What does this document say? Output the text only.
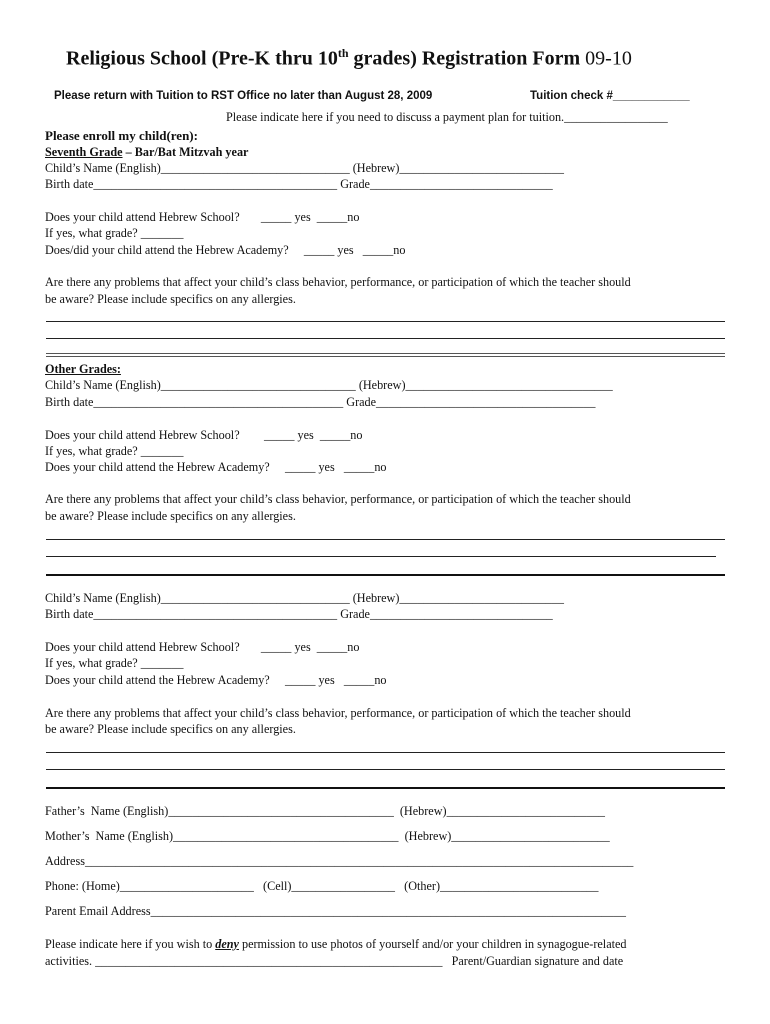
Religious School (Pre-K thru 10th grades) Registration Form 09-10
Please return with Tuition to RST Office no later than August 28, 2009	Tuition check #____________
Please indicate here if you need to discuss a payment plan for tuition._________________
Please enroll my child(ren):
Seventh Grade – Bar/Bat Mitzvah year
Child’s Name (English)_______________________________ (Hebrew)___________________________
Birth date________________________________________ Grade______________________________
Does your child attend Hebrew School?       _____ yes  _____no
If yes, what grade? _______
Does/did your child attend the Hebrew Academy?     _____ yes   _____no
Are there any problems that affect your child’s class behavior, performance, or participation of which the teacher should
be aware? Please include specifics on any allergies.
Other Grades:
Child’s Name (English)________________________________ (Hebrew)__________________________________
Birth date_________________________________________ Grade____________________________________
Does your child attend Hebrew School?        _____ yes  _____no
If yes, what grade? _______
Does your child attend the Hebrew Academy?     _____ yes   _____no
Are there any problems that affect your child’s class behavior, performance, or participation of which the teacher should
be aware? Please include specifics on any allergies.
Child’s Name (English)_______________________________ (Hebrew)___________________________
Birth date________________________________________ Grade______________________________
Does your child attend Hebrew School?       _____ yes  _____no
If yes, what grade? _______
Does your child attend the Hebrew Academy?     _____ yes   _____no
Are there any problems that affect your child’s class behavior, performance, or participation of which the teacher should
be aware? Please include specifics on any allergies.
Father’s  Name (English)_____________________________________  (Hebrew)__________________________
Mother’s  Name (English)_____________________________________  (Hebrew)__________________________
Address__________________________________________________________________________________________
Phone: (Home)______________________   (Cell)_________________   (Other)__________________________
Parent Email Address______________________________________________________________________________
Please indicate here if you wish to deny permission to use photos of yourself and/or your children in synagogue-related
activities. _________________________________________________________   Parent/Guardian signature and date
